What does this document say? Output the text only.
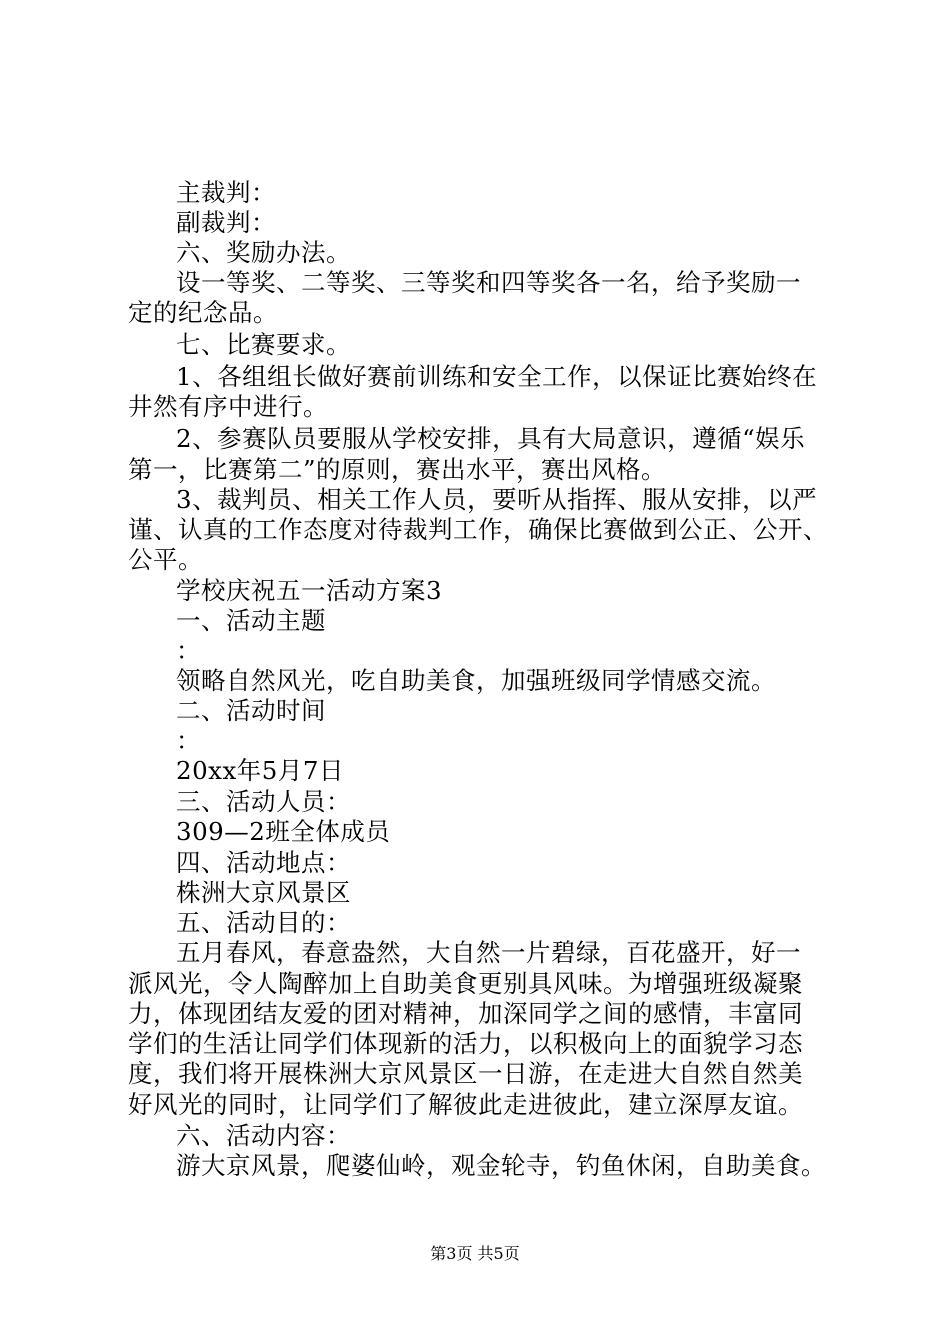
主裁判：
副裁判：
六、奖励办法。
设一等奖、二等奖、三等奖和四等奖各一名，给予奖励一
定的纪念品。
七、比赛要求。
1、各组组长做好赛前训练和安全工作，以保证比赛始终在
井然有序中进行。
2、参赛队员要服从学校安排，具有大局意识，遵循“娱乐
第一，比赛第二”的原则，赛出水平，赛出风格。
3、裁判员、相关工作人员，要听从指挥、服从安排，以严
谨、认真的工作态度对待裁判工作，确保比赛做到公正、公开、
公平。
学校庆祝五一活动方案3
一、活动主题
：
领略自然风光，吃自助美食，加强班级同学情感交流。
二、活动时间
：
20xx年5月7日
三、活动人员：
309—2班全体成员
四、活动地点：
株洲大京风景区
五、活动目的：
五月春风，春意盎然，大自然一片碧绿，百花盛开，好一
派风光，令人陶醉加上自助美食更别具风味。为增强班级凝聚
力，体现团结友爱的团对精神，加深同学之间的感情，丰富同
学们的生活让同学们体现新的活力，以积极向上的面貌学习态
度，我们将开展株洲大京风景区一日游，在走进大自然自然美
好风光的同时，让同学们了解彼此走进彼此，建立深厚友谊。
六、活动内容：
游大京风景，爬婆仙岭，观金轮寺，钓鱼休闲，自助美食。
第3页 共5页
